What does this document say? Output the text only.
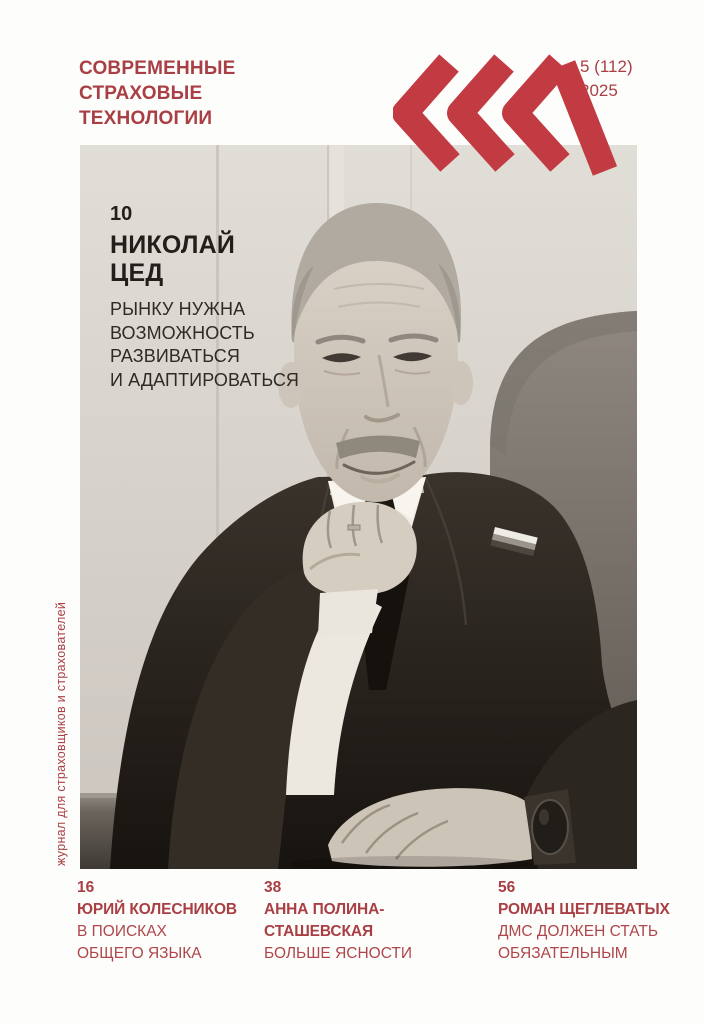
СОВРЕМЕННЫЕ
СТРАХОВЫЕ
ТЕХНОЛОГИИ
5 (112)
2025
10
НИКОЛАЙ
ЦЕД
РЫНКУ НУЖНА
ВОЗМОЖНОСТЬ
РАЗВИВАТЬСЯ
И АДАПТИРОВАТЬСЯ
журнал для страховщиков и страхователей
16
ЮРИЙ КОЛЕСНИКОВ
В ПОИСКАХ
ОБЩЕГО ЯЗЫКА
38
АННА ПОЛИНА-СТАШЕВСКАЯ
БОЛЬШЕ ЯСНОСТИ
56
РОМАН ЩЕГЛЕВАТЫХ
ДМС ДОЛЖЕН СТАТЬ
ОБЯЗАТЕЛЬНЫМ
